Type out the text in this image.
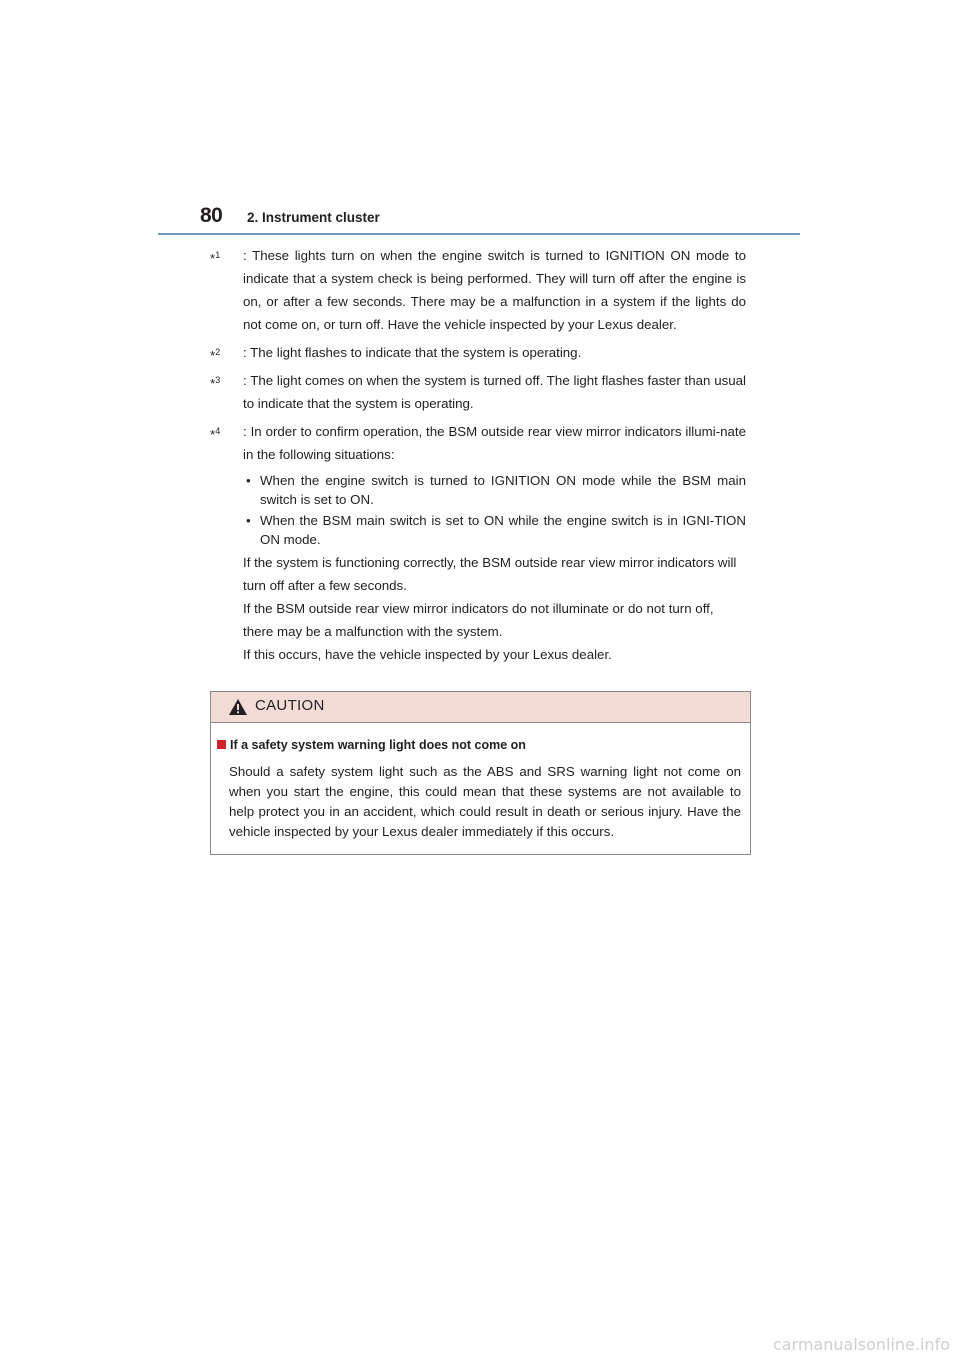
80 2. Instrument cluster
*$^1$ : These lights turn on when the engine switch is turned to IGNITION ON mode to indicate that a system check is being performed. They will turn off after the engine is on, or after a few seconds. There may be a malfunction in a system if the lights do not come on, or turn off. Have the vehicle inspected by your Lexus dealer.
*$^2$ : The light flashes to indicate that the system is operating.
*$^3$ : The light comes on when the system is turned off. The light flashes faster than usual to indicate that the system is operating.
*$^4$ : In order to confirm operation, the BSM outside rear view mirror indicators illumi-nate in the following situations:
• When the engine switch is turned to IGNITION ON mode while the BSM main switch is set to ON.
• When the BSM main switch is set to ON while the engine switch is in IGNI-TION ON mode.
If the system is functioning correctly, the BSM outside rear view mirror indicators will turn off after a few seconds.
If the BSM outside rear view mirror indicators do not illuminate or do not turn off, there may be a malfunction with the system.
If this occurs, have the vehicle inspected by your Lexus dealer.
CAUTION
If a safety system warning light does not come on
Should a safety system light such as the ABS and SRS warning light not come on when you start the engine, this could mean that these systems are not available to help protect you in an accident, which could result in death or serious injury. Have the vehicle inspected by your Lexus dealer immediately if this occurs.
carmanualsonline.info
